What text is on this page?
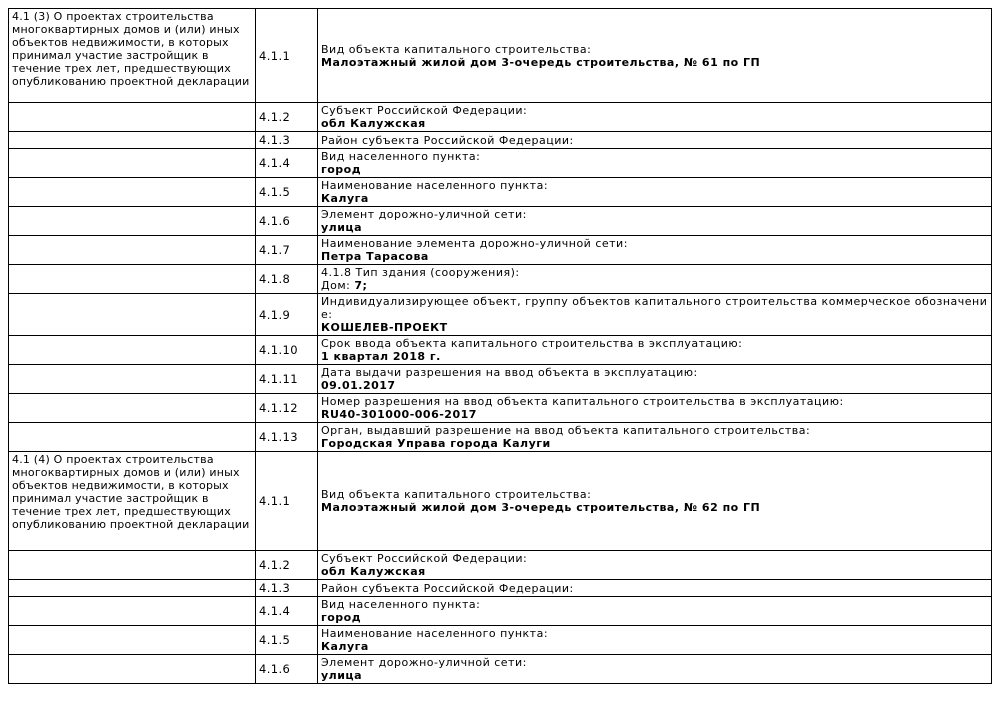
4.1 (3) О проектах строительства многоквартирных домов и (или) иных объектов недвижимости, в которых принимал участие застройщик в течение трех лет, предшествующих опубликованию проектной декларации	4.1.1	Вид объекта капитального строительства:
Малоэтажный жилой дом 3-очередь строительства, № 61 по ГП

	4.1.2	Субъект Российской Федерации:
обл Калужская

	4.1.3	Район субъекта Российской Федерации:

	4.1.4	Вид населенного пункта:
город

	4.1.5	Наименование населенного пункта:
Калуга

	4.1.6	Элемент дорожно-уличной сети:
улица

	4.1.7	Наименование элемента дорожно-уличной сети:
Петра Тарасова

	4.1.8	4.1.8 Тип здания (сооружения):
Дом: 7;

	4.1.9	Индивидуализирующее объект, группу объектов капитального строительства коммерческое обозначение:
КОШЕЛЕВ-ПРОЕКТ

	4.1.10	Срок ввода объекта капитального строительства в эксплуатацию:
1 квартал 2018 г.

	4.1.11	Дата выдачи разрешения на ввод объекта в эксплуатацию:
09.01.2017

	4.1.12	Номер разрешения на ввод объекта капитального строительства в эксплуатацию:
RU40-301000-006-2017

	4.1.13	Орган, выдавший разрешение на ввод объекта капитального строительства:
Городская Управа города Калуги

4.1 (4) О проектах строительства многоквартирных домов и (или) иных объектов недвижимости, в которых принимал участие застройщик в течение трех лет, предшествующих опубликованию проектной декларации	4.1.1	Вид объекта капитального строительства:
Малоэтажный жилой дом 3-очередь строительства, № 62 по ГП

	4.1.2	Субъект Российской Федерации:
обл Калужская

	4.1.3	Район субъекта Российской Федерации:

	4.1.4	Вид населенного пункта:
город

	4.1.5	Наименование населенного пункта:
Калуга

	4.1.6	Элемент дорожно-уличной сети:
улица
